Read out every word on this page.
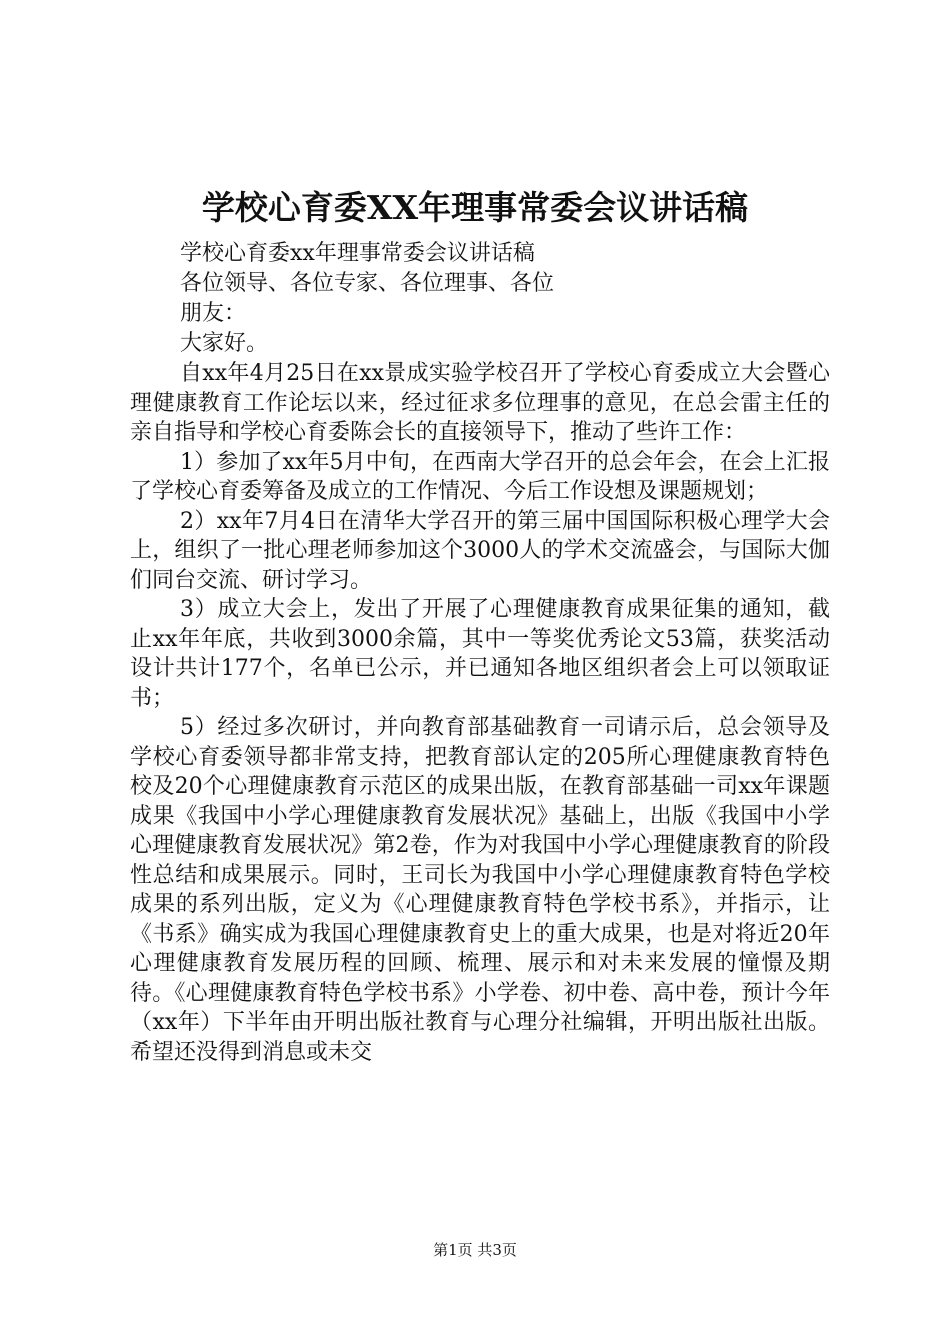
学校心育委XX年理事常委会议讲话稿
学校心育委xx年理事常委会议讲话稿
各位领导、各位专家、各位理事、各位
朋友：
大家好。

自xx年4月25日在xx景成实验学校召开了学校心育委成立大会暨心理健康教育工作论坛以来，经过征求多位理事的意见，在总会雷主任的亲自指导和学校心育委陈会长的直接领导下，推动了些许工作：

1）参加了xx年5月中旬，在西南大学召开的总会年会，在会上汇报了学校心育委筹备及成立的工作情况、今后工作设想及课题规划；

2）xx年7月4日在清华大学召开的第三届中国国际积极心理学大会上，组织了一批心理老师参加这个3000人的学术交流盛会，与国际大伽们同台交流、研讨学习。

3）成立大会上，发出了开展了心理健康教育成果征集的通知，截止xx年年底，共收到3000余篇，其中一等奖优秀论文53篇，获奖活动设计共计177个，名单已公示，并已通知各地区组织者会上可以领取证书；

5）经过多次研讨，并向教育部基础教育一司请示后，总会领导及学校心育委领导都非常支持，把教育部认定的205所心理健康教育特色校及20个心理健康教育示范区的成果出版，在教育部基础一司xx年课题成果《我国中小学心理健康教育发展状况》基础上，出版《我国中小学心理健康教育发展状况》第2卷，作为对我国中小学心理健康教育的阶段性总结和成果展示。同时，王司长为我国中小学心理健康教育特色学校成果的系列出版，定义为《心理健康教育特色学校书系》，并指示，让《书系》确实成为我国心理健康教育史上的重大成果，也是对将近20年心理健康教育发展历程的回顾、梳理、展示和对未来发展的憧憬及期待。《心理健康教育特色学校书系》小学卷、初中卷、高中卷，预计今年（xx年）下半年由开明出版社教育与心理分社编辑，开明出版社出版。希望还没得到消息或未交

第1页 共3页
